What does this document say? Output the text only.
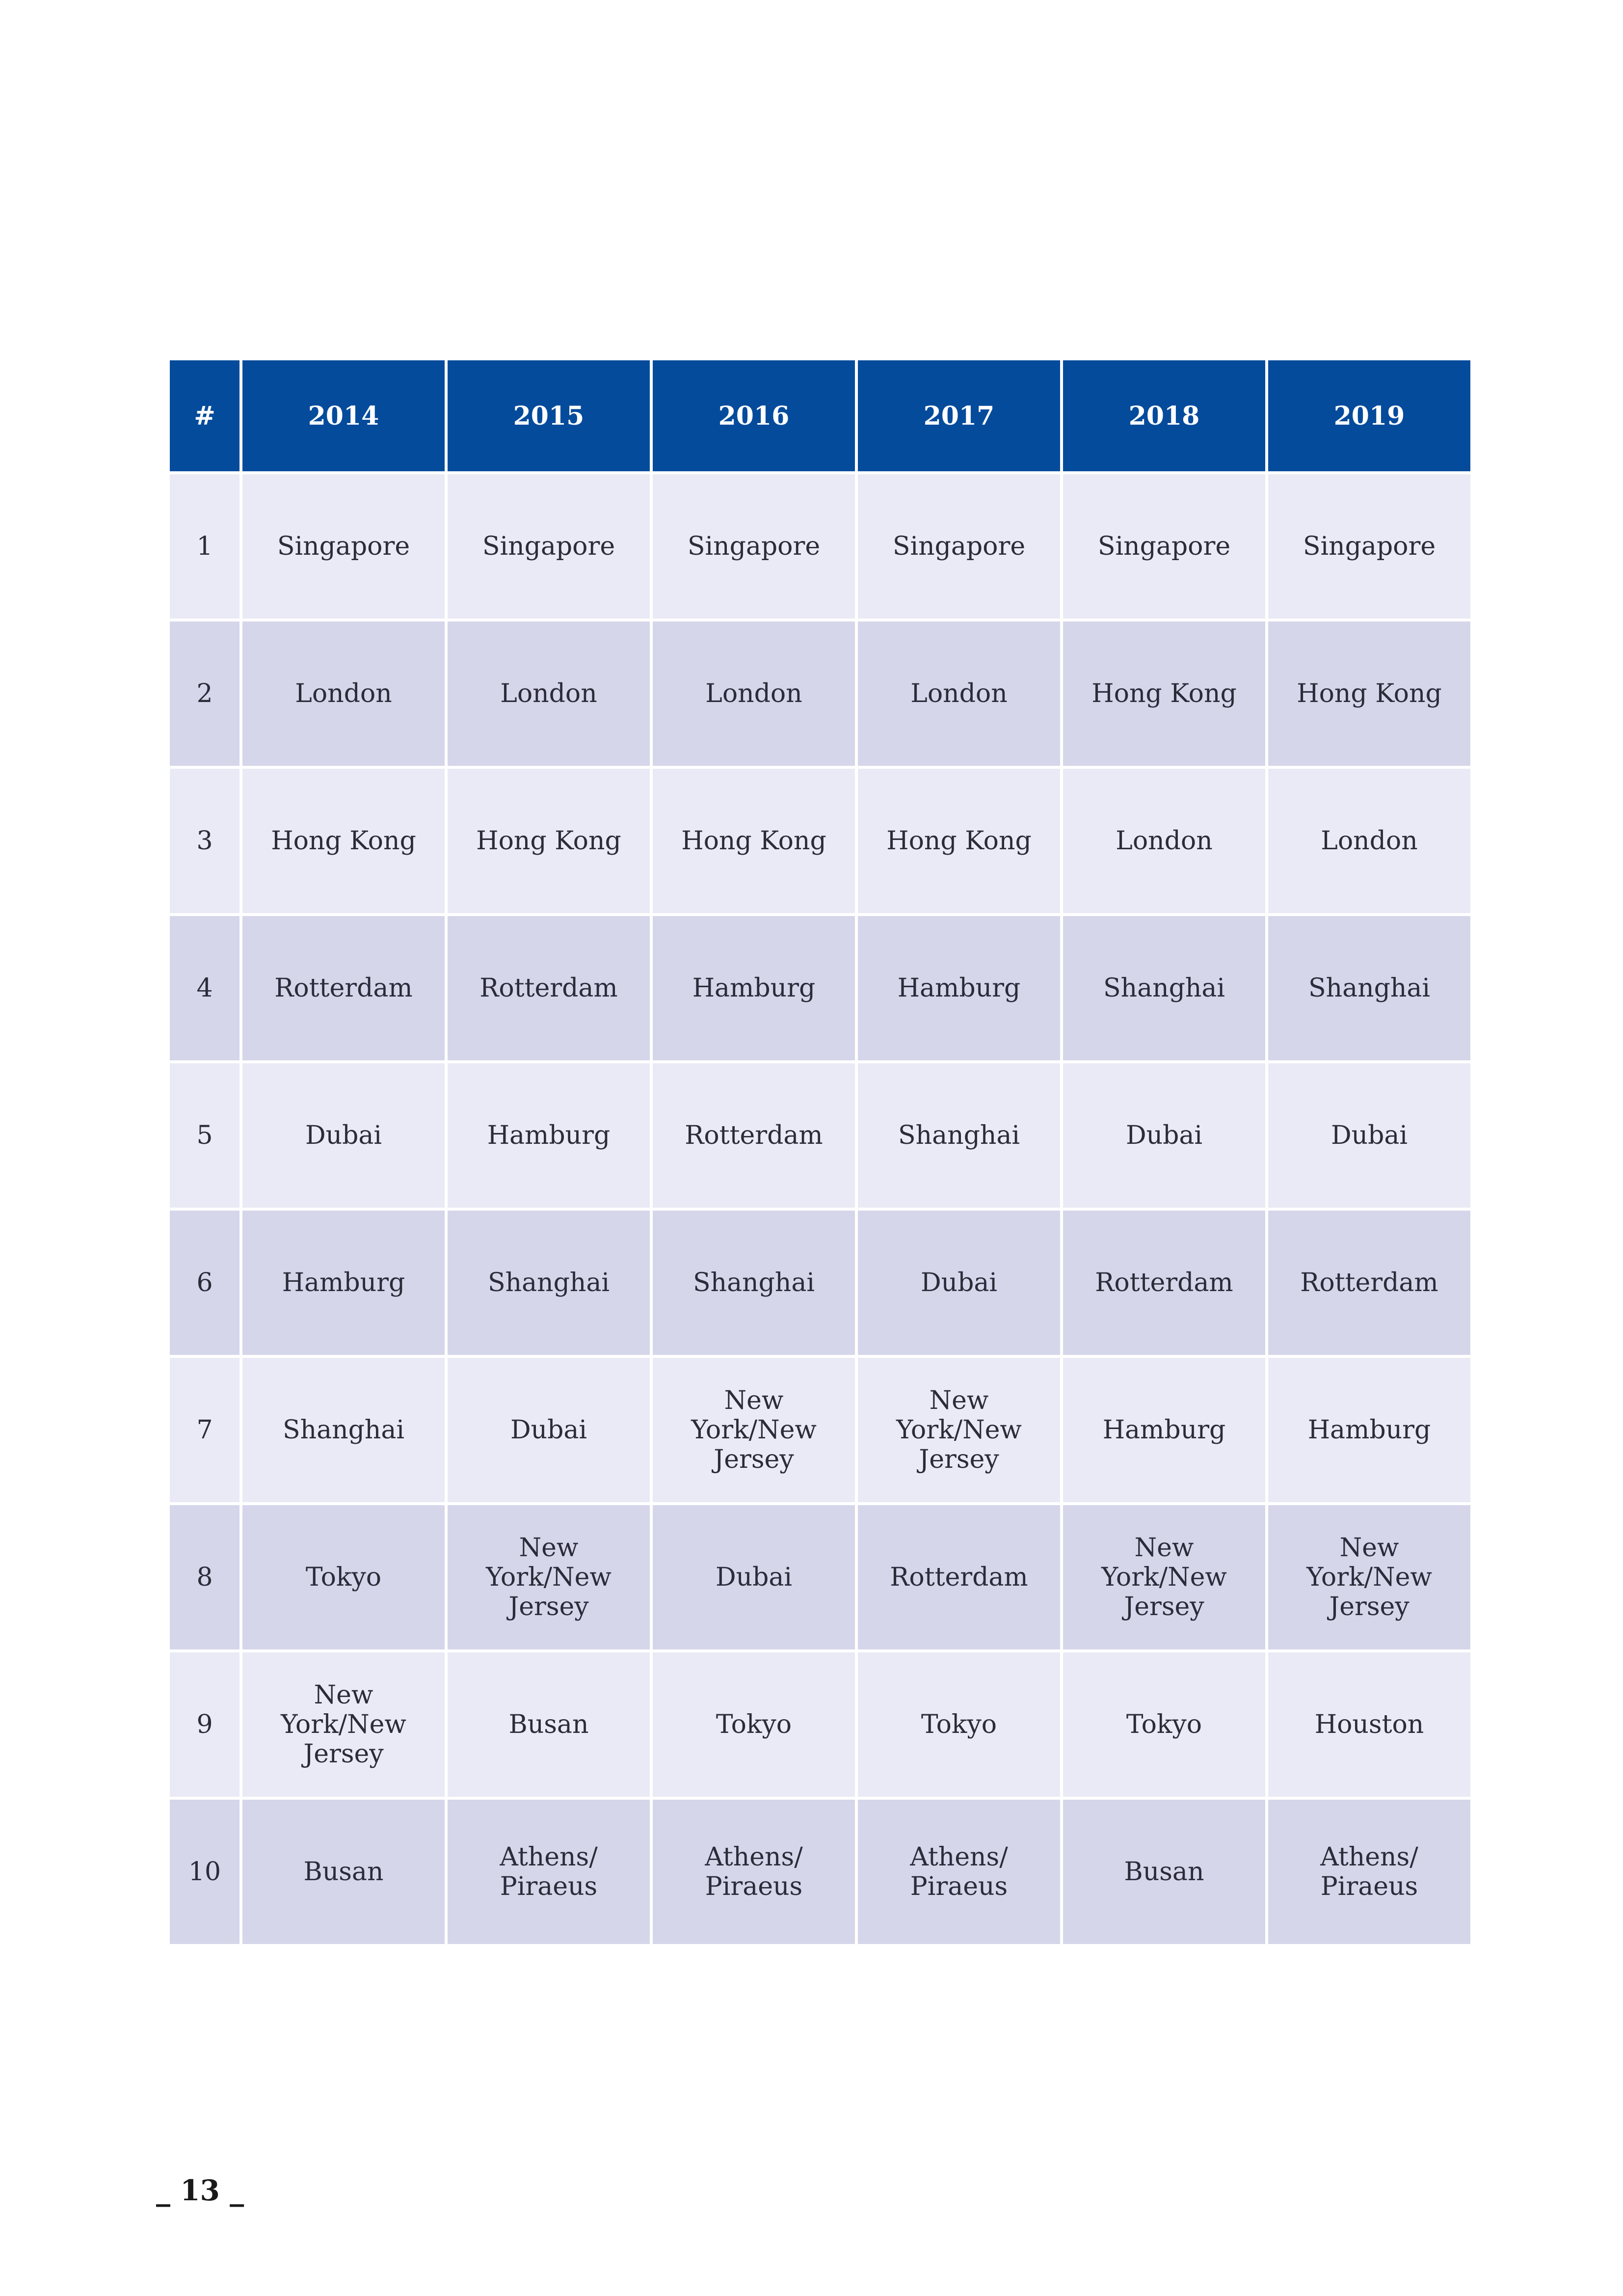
#	2014	2015	2016	2017	2018	2019
1	Singapore	Singapore	Singapore	Singapore	Singapore	Singapore
2	London	London	London	London	Hong Kong	Hong Kong
3	Hong Kong	Hong Kong	Hong Kong	Hong Kong	London	London
4	Rotterdam	Rotterdam	Hamburg	Hamburg	Shanghai	Shanghai
5	Dubai	Hamburg	Rotterdam	Shanghai	Dubai	Dubai
6	Hamburg	Shanghai	Shanghai	Dubai	Rotterdam	Rotterdam
7	Shanghai	Dubai	New York/New Jersey	New York/New Jersey	Hamburg	Hamburg
8	Tokyo	New York/New Jersey	Dubai	Rotterdam	New York/New Jersey	New York/New Jersey
9	New York/New Jersey	Busan	Tokyo	Tokyo	Tokyo	Houston
10	Busan	Athens/ Piraeus	Athens/ Piraeus	Athens/ Piraeus	Busan	Athens/ Piraeus
_ 13 _
